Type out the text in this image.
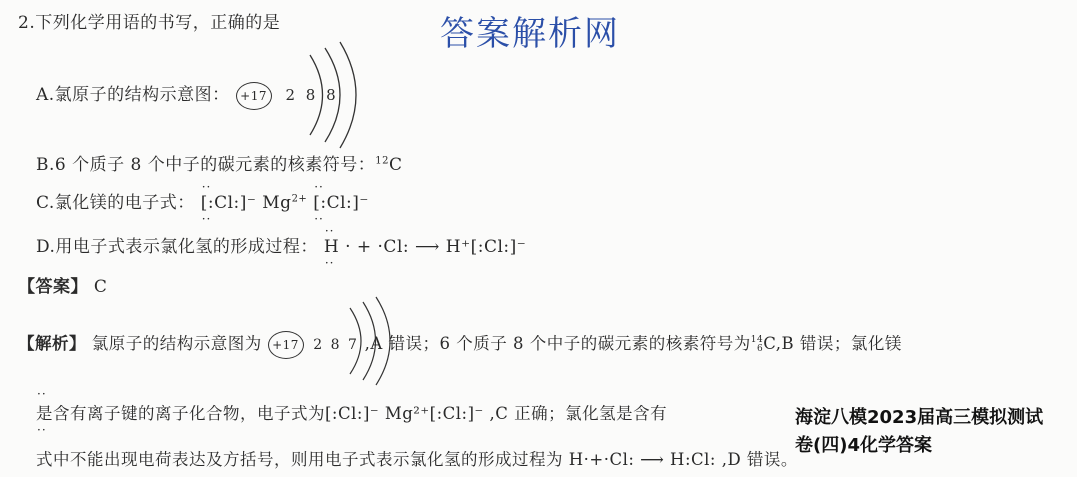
答案解析网
2.下列化学用语的书写，正确的是
A.氯原子的结构示意图： +17 2 8 8
B.6 个质子 8 个中子的碳元素的核素符号：$^{12}$C
C.氯化镁的电子式： ·· [:Cl:]⁻ ·· $Mg^{2+}$ ·· [:Cl:]⁻ ··
D.用电子式表示氯化氢的形成过程： ·· H · + ·Cl: ⟶ H⁺[:Cl:]⁻ ··
【答案】 C
【解析】 氯原子的结构示意图为 +17 2 8 7 ,A 错误；6 个质子 8 个中子的碳元素的核素符号为14
6C,B 错误；氯化镁
·· 是含有离子键的离子化合物，电子式为[:Cl:]⁻ Mg²⁺[:Cl:]⁻ ,C 正确；氯化氢是含有 ··
式中不能出现电荷表达及方括号，则用电子式表示氯化氢的形成过程为 H·+·Cl: ⟶ H:Cl: ,D 错误。
海淀八模2023届高三模拟测试
卷(四)4化学答案
